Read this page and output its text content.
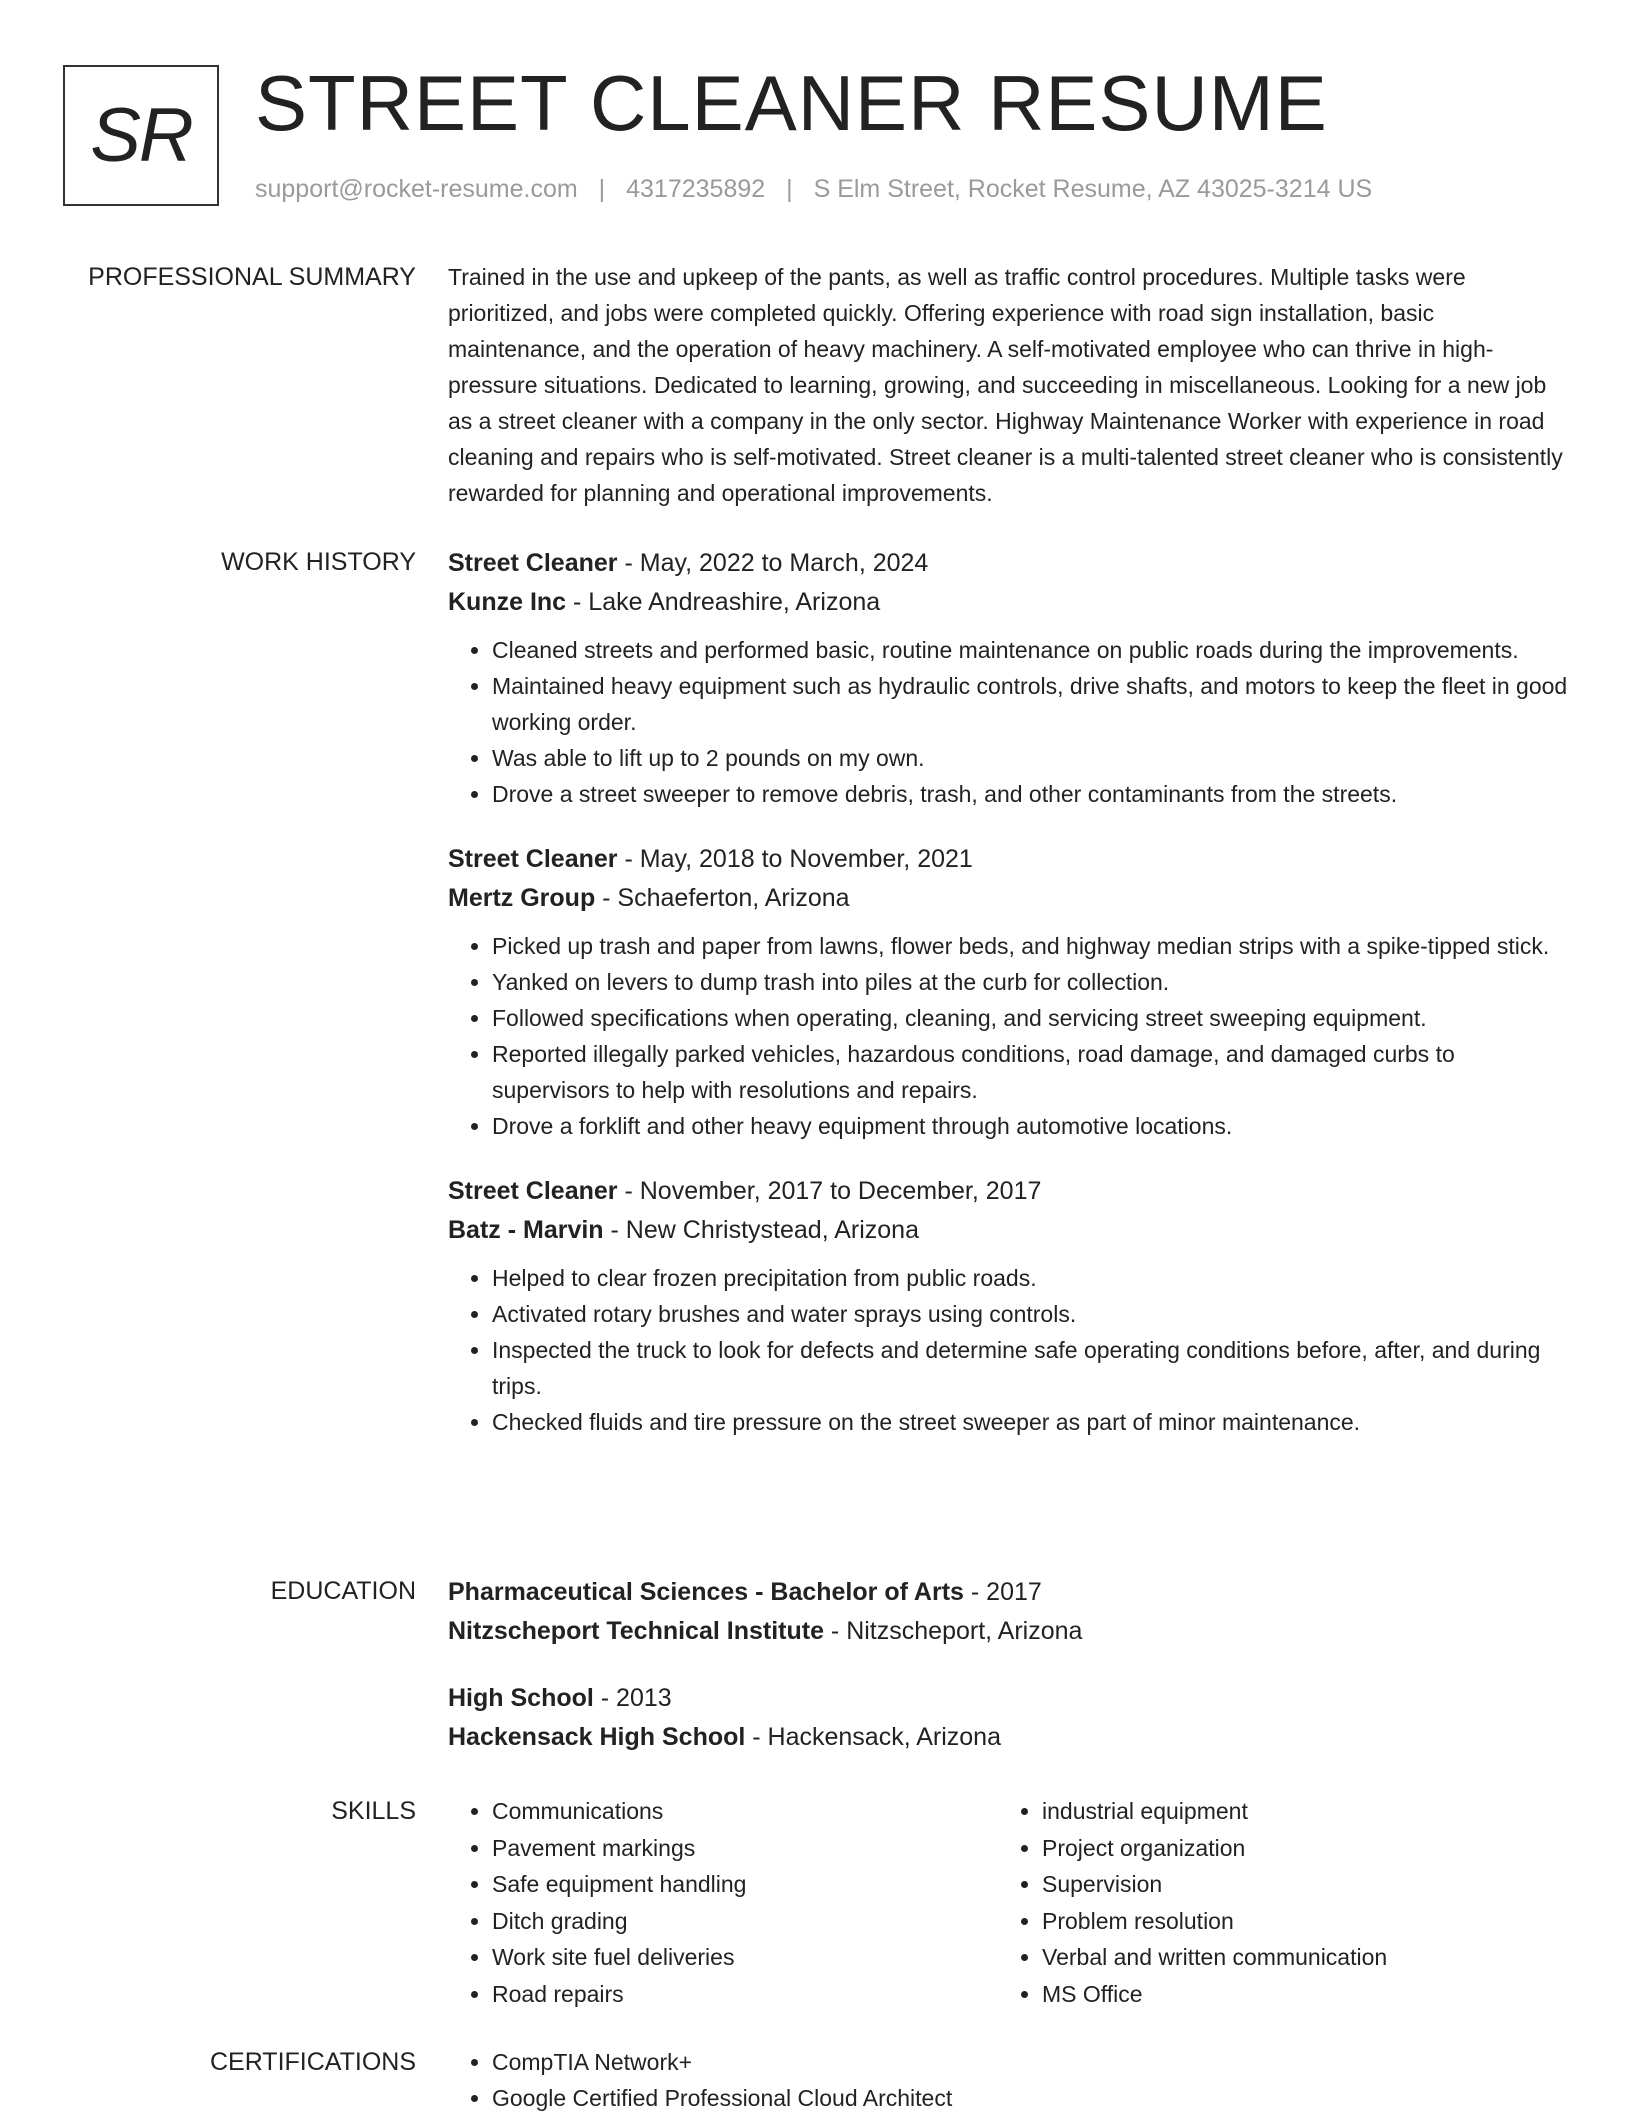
SR STREET CLEANER RESUME
support@rocket-resume.com | 4317235892 | S Elm Street, Rocket Resume, AZ 43025-3214 US
PROFESSIONAL SUMMARY Trained in the use and upkeep of the pants, as well as traffic control procedures. Multiple tasks were prioritized, and jobs were completed quickly. Offering experience with road sign installation, basic maintenance, and the operation of heavy machinery. A self-motivated employee who can thrive in high-pressure situations. Dedicated to learning, growing, and succeeding in miscellaneous. Looking for a new job as a street cleaner with a company in the only sector. Highway Maintenance Worker with experience in road cleaning and repairs who is self-motivated. Street cleaner is a multi-talented street cleaner who is consistently rewarded for planning and operational improvements.

WORK HISTORY Street Cleaner - May, 2022 to March, 2024

Kunze Inc - Lake Andreashire, Arizona

• Cleaned streets and performed basic, routine maintenance on public roads during the improvements.
• Maintained heavy equipment such as hydraulic controls, drive shafts, and motors to keep the fleet in good working order.
• Was able to lift up to 2 pounds on my own.
• Drove a street sweeper to remove debris, trash, and other contaminants from the streets.

Street Cleaner - May, 2018 to November, 2021

Mertz Group - Schaeferton, Arizona

• Picked up trash and paper from lawns, flower beds, and highway median strips with a spike-tipped stick.
• Yanked on levers to dump trash into piles at the curb for collection.
• Followed specifications when operating, cleaning, and servicing street sweeping equipment.
• Reported illegally parked vehicles, hazardous conditions, road damage, and damaged curbs to supervisors to help with resolutions and repairs.
• Drove a forklift and other heavy equipment through automotive locations.

Street Cleaner - November, 2017 to December, 2017

Batz - Marvin - New Christystead, Arizona

• Helped to clear frozen precipitation from public roads.
• Activated rotary brushes and water sprays using controls.
• Inspected the truck to look for defects and determine safe operating conditions before, after, and during trips.
• Checked fluids and tire pressure on the street sweeper as part of minor maintenance.
EDUCATION Pharmaceutical Sciences - Bachelor of Arts - 2017

Nitzscheport Technical Institute - Nitzscheport, Arizona

High School - 2013

Hackensack High School - Hackensack, Arizona

SKILLS	• Communications
• Pavement markings
• Safe equipment handling
• Ditch grading
• Work site fuel deliveries
• Road repairs
• industrial equipment
• Project organization
• Supervision
• Problem resolution
• Verbal and written communication
• MS Office
CERTIFICATIONS	• CompTIA Network+
• Google Certified Professional Cloud Architect
